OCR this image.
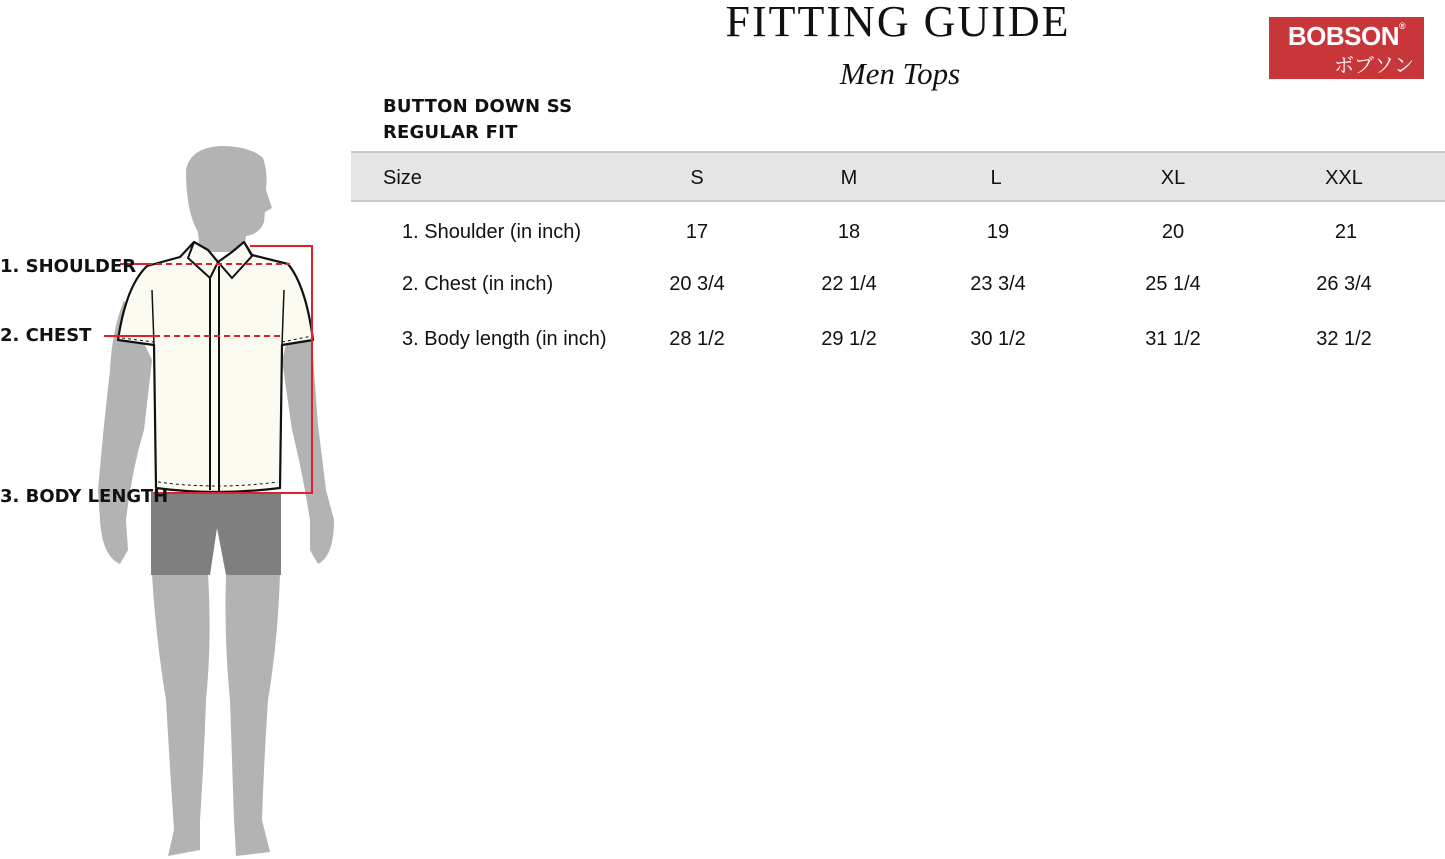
FITTING GUIDE
Men Tops
BOBSON®
ボブソン
BUTTON DOWN SS
REGULAR FIT
Size	S	M	L	XL	XXL
1. Shoulder (in inch)	17	18	19	20	21
2. Chest (in inch)	20 3/4	22 1/4	23 3/4	25 1/4	26 3/4
3. Body length (in inch)	28 1/2	29 1/2	30 1/2	31 1/2	32 1/2
1. SHOULDER
2. CHEST
3. BODY LENGTH
